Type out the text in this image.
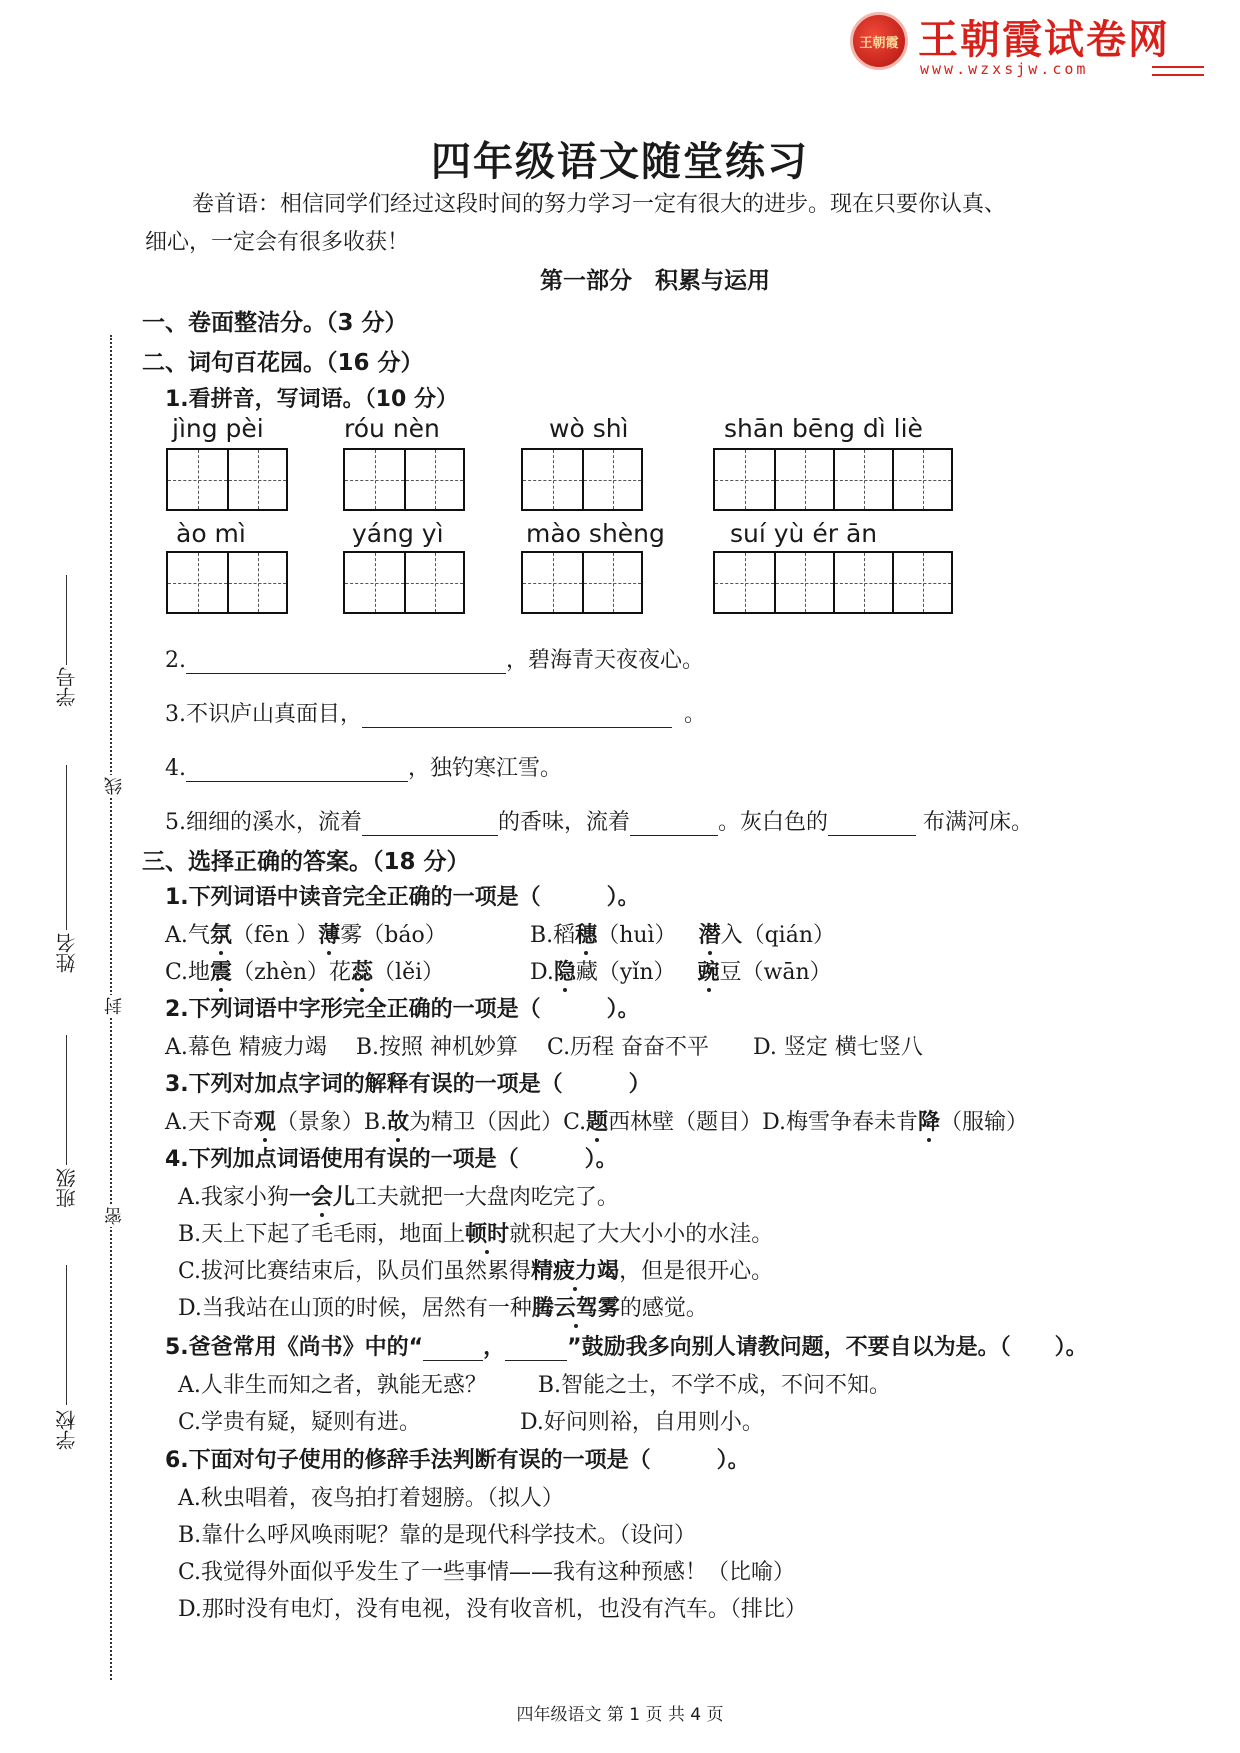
王朝霞 王朝霞试卷网
www.wzxsjw.com
四年级语文随堂练习
卷首语：相信同学们经过这段时间的努力学习一定有很大的进步。现在只要你认真、
细心，一定会有很多收获！
第一部分　积累与运用
一、卷面整洁分。（3 分）
二、词句百花园。（16 分）
1.看拼音，写词语。（10 分）
jìng pèi	róu nèn	wò shì	shān bēng dì liè
ào mì	yáng yì	mào shèng	suí yù ér ān
2.	，碧海青天夜夜心。
3.不识庐山真面目，	。
4.	，独钓寒江雪。
5.细细的溪水，流着	的香味，流着	。灰白色的	布满河床。
三、选择正确的答案。（18 分）
1.下列词语中读音完全正确的一项是（　　　）。
A.气氛（fēn ）薄雾（báo）	B.稻穗（huì） 潜入（qián）
C.地震（zhèn）花蕊（lěi）	D.隐藏（yǐn） 豌豆（wān）
2.下列词语中字形完全正确的一项是（　　　）。
A.幕色 精疲力竭　 B.按照 神机妙算　 C.历程 奋奋不平　　D. 竖定 横七竖八
3.下列对加点字词的解释有误的一项是（　　　）
A.天下奇观（景象）B.故为精卫（因此）C.题西林壁（题目）D.梅雪争春未肯降（服输）
4.下列加点词语使用有误的一项是（　　　）。
A.我家小狗一会儿工夫就把一大盘肉吃完了。
B.天上下起了毛毛雨，地面上顿时就积起了大大小小的水洼。
C.拔河比赛结束后，队员们虽然累得精疲力竭，但是很开心。
D.当我站在山顶的时候，居然有一种腾云驾雾的感觉。
5.爸爸常用《尚书》中的“	，	”鼓励我多向别人请教问题，不要自以为是。（　　）。
A.人非生而知之者，孰能无惑？　　 B.智能之士，不学不成，不问不知。
C.学贵有疑，疑则有进。　　　　　D.好问则裕，自用则小。
6.下面对句子使用的修辞手法判断有误的一项是（　　　）。
A.秋虫唱着，夜鸟拍打着翅膀。（拟人）
B.靠什么呼风唤雨呢？靠的是现代科学技术。（设问）
C.我觉得外面似乎发生了一些事情——我有这种预感！（比喻）
D.那时没有电灯，没有电视，没有收音机，也没有汽车。（排比）
线
封
密
学号
姓名
班级
学校
四年级语文 第 1 页 共 4 页
